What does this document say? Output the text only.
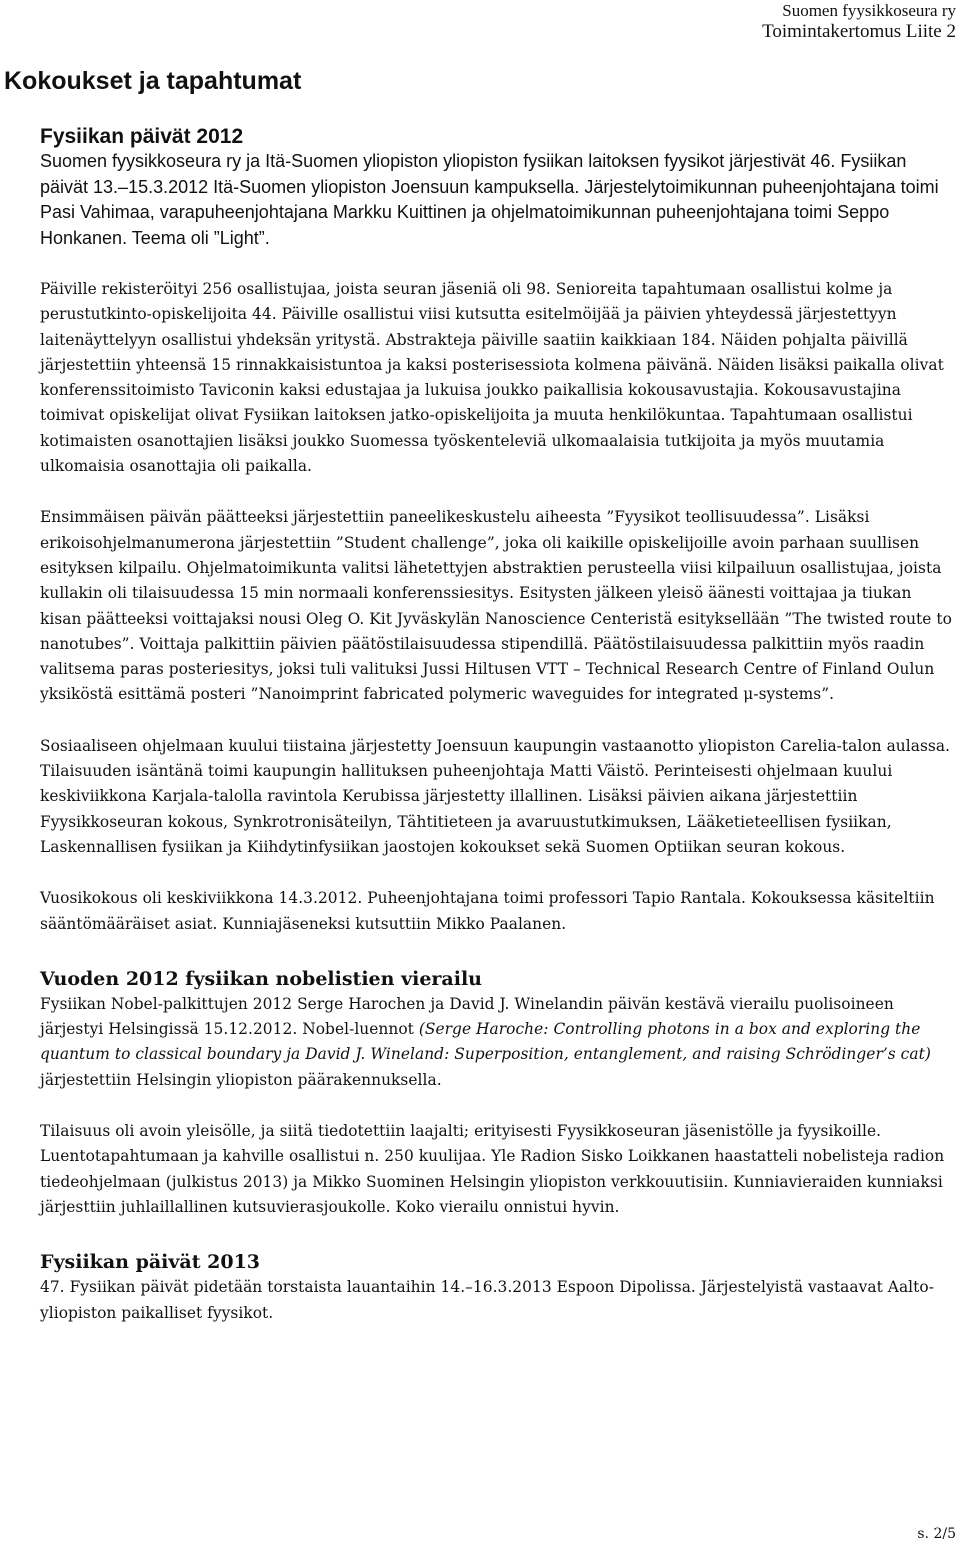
Suomen fyysikkoseura ry
Toimintakertomus Liite 2
Kokoukset ja tapahtumat
Fysiikan päivät 2012

Suomen fyysikkoseura ry ja Itä-Suomen yliopiston yliopiston fysiikan laitoksen fyysikot järjestivät 46. Fysiikan päivät 13.–15.3.2012 Itä-Suomen yliopiston Joensuun kampuksella. Järjestelytoimikunnan puheenjohtajana toimi Pasi Vahimaa, varapuheenjohtajana Markku Kuittinen ja ohjelmatoimikunnan puheenjohtajana toimi Seppo Honkanen. Teema oli ”Light”.

Päiville rekisteröityi 256 osallistujaa, joista seuran jäseniä oli 98. Senioreita tapahtumaan osallistui kolme ja perustutkinto-opiskelijoita 44. Päiville osallistui viisi kutsutta esitelmöijää ja päivien yhteydessä järjestettyyn laitenäyttelyyn osallistui yhdeksän yritystä. Abstrakteja päiville saatiin kaikkiaan 184. Näiden pohjalta päivillä järjestettiin yhteensä 15 rinnakkaisistuntoa ja kaksi posterisessiota kolmena päivänä. Näiden lisäksi paikalla olivat konferenssitoimisto Taviconin kaksi edustajaa ja lukuisa joukko paikallisia kokousavustajia. Kokousavustajina toimivat opiskelijat olivat Fysiikan laitoksen jatko-opiskelijoita ja muuta henkilökuntaa. Tapahtumaan osallistui kotimaisten osanottajien lisäksi joukko Suomessa työskenteleviä ulkomaalaisia tutkijoita ja myös muutamia ulkomaisia osanottajia oli paikalla.

Ensimmäisen päivän päätteeksi järjestettiin paneelikeskustelu aiheesta ”Fyysikot teollisuudessa”. Lisäksi erikoisohjelmanumerona järjestettiin ”Student challenge”, joka oli kaikille opiskelijoille avoin parhaan suullisen esityksen kilpailu. Ohjelmatoimikunta valitsi lähetettyjen abstraktien perusteella viisi kilpailuun osallistujaa, joista kullakin oli tilaisuudessa 15 min normaali konferenssiesitys. Esitysten jälkeen yleisö äänesti voittajaa ja tiukan kisan päätteeksi voittajaksi nousi Oleg O. Kit Jyväskylän Nanoscience Centeristä esityksellään ”The twisted route to nanotubes”. Voittaja palkittiin päivien päätöstilaisuudessa stipendillä. Päätöstilaisuudessa palkittiin myös raadin valitsema paras posteriesitys, joksi tuli valituksi Jussi Hiltusen VTT – Technical Research Centre of Finland Oulun yksiköstä esittämä posteri ”Nanoimprint fabricated polymeric waveguides for integrated μ-systems”.

Sosiaaliseen ohjelmaan kuului tiistaina järjestetty Joensuun kaupungin vastaanotto yliopiston Carelia-talon aulassa. Tilaisuuden isäntänä toimi kaupungin hallituksen puheenjohtaja Matti Väistö. Perinteisesti ohjelmaan kuului keskiviikkona Karjala-talolla ravintola Kerubissa järjestetty illallinen. Lisäksi päivien aikana järjestettiin Fyysikkoseuran kokous, Synkrotronisäteilyn, Tähtitieteen ja avaruustutkimuksen, Lääketieteellisen fysiikan, Laskennallisen fysiikan ja Kiihdytinfysiikan jaostojen kokoukset sekä Suomen Optiikan seuran kokous.

Vuosikokous oli keskiviikkona 14.3.2012. Puheenjohtajana toimi professori Tapio Rantala. Kokouksessa käsiteltiin sääntömääräiset asiat. Kunniajäseneksi kutsuttiin Mikko Paalanen.

Vuoden 2012 fysiikan nobelistien vierailu

Fysiikan Nobel-palkittujen 2012 Serge Harochen ja David J. Winelandin päivän kestävä vierailu puolisoineen järjestyi Helsingissä 15.12.2012. Nobel-luennot (Serge Haroche: Controlling photons in a box and exploring the quantum to classical boundary ja David J. Wineland: Superposition, entanglement, and raising Schrödinger’s cat) järjestettiin Helsingin yliopiston päärakennuksella.

Tilaisuus oli avoin yleisölle, ja siitä tiedotettiin laajalti; erityisesti Fyysikkoseuran jäsenistölle ja fyysikoille. Luentotapahtumaan ja kahville osallistui n. 250 kuulijaa. Yle Radion Sisko Loikkanen haastatteli nobelisteja radion tiedeohjelmaan (julkistus 2013) ja Mikko Suominen Helsingin yliopiston verkkouutisiin. Kunniavieraiden kunniaksi järjesttiin juhlaillallinen kutsuvierasjoukolle. Koko vierailu onnistui hyvin.

Fysiikan päivät 2013

47. Fysiikan päivät pidetään torstaista lauantaihin 14.–16.3.2013 Espoon Dipolissa. Järjestelyistä vastaavat Aalto-yliopiston paikalliset fyysikot.

s. 2/5
